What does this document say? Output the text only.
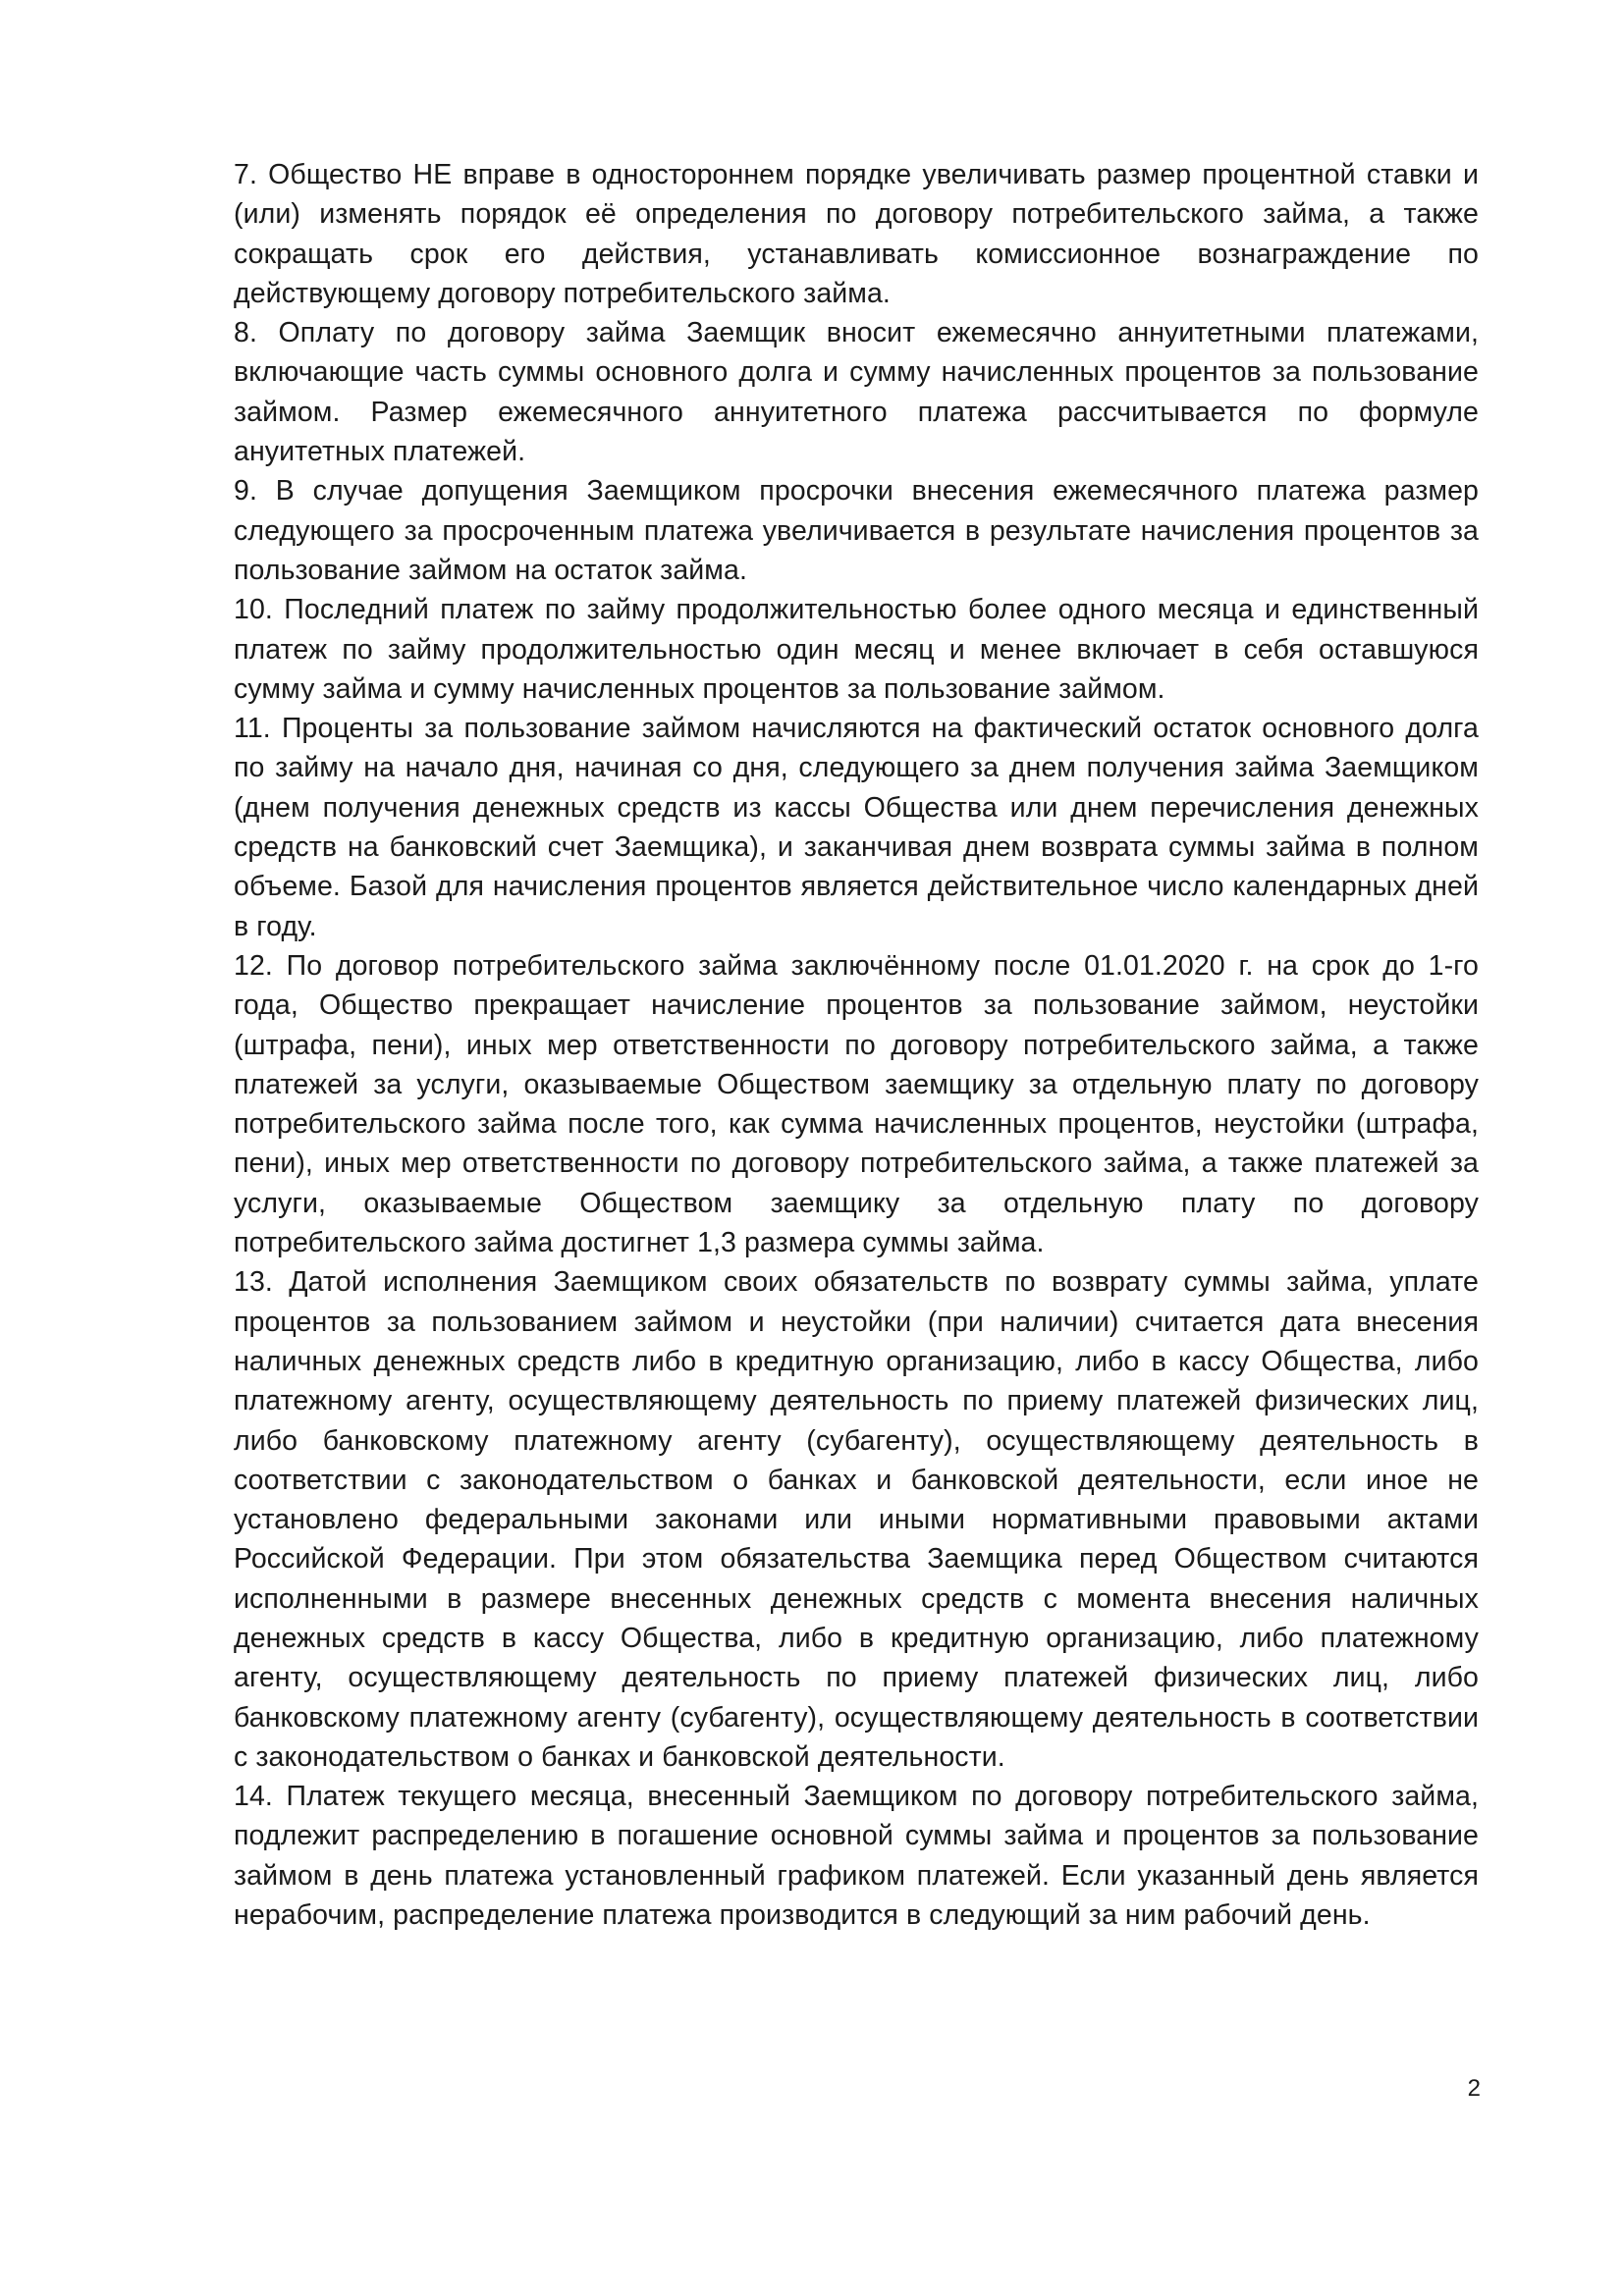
7. Общество НЕ вправе в одностороннем порядке увеличивать размер процентной ставки и (или) изменять порядок её определения по договору потребительского займа, а также сокращать срок его действия, устанавливать комиссионное вознаграждение по действующему договору потребительского займа.

8. Оплату по договору займа Заемщик вносит ежемесячно аннуитетными платежами, включающие часть суммы основного долга и сумму начисленных процентов за пользование займом. Размер ежемесячного аннуитетного платежа рассчитывается по формуле ануитетных платежей.

9. В случае допущения Заемщиком просрочки внесения ежемесячного платежа размер следующего за просроченным платежа увеличивается в результате начисления процентов за пользование займом на остаток займа.

10. Последний платеж по займу продолжительностью более одного месяца и единственный платеж по займу продолжительностью один месяц и менее включает в себя оставшуюся сумму займа и сумму начисленных процентов за пользование займом.

11. Проценты за пользование займом начисляются на фактический остаток основного долга по займу на начало дня, начиная со дня, следующего за днем получения займа Заемщиком (днем получения денежных средств из кассы Общества или днем перечисления денежных средств на банковский счет Заемщика), и заканчивая днем возврата суммы займа в полном объеме. Базой для начисления процентов является действительное число календарных дней в году.

12. По договор потребительского займа заключённому после 01.01.2020 г. на срок до 1-го года, Общество прекращает начисление процентов за пользование займом, неустойки (штрафа, пени), иных мер ответственности по договору потребительского займа, а также платежей за услуги, оказываемые Обществом заемщику за отдельную плату по договору потребительского займа после того, как сумма начисленных процентов, неустойки (штрафа, пени), иных мер ответственности по договору потребительского займа, а также платежей за услуги, оказываемые Обществом заемщику за отдельную плату по договору потребительского займа достигнет 1,3 размера суммы займа.

13. Датой исполнения Заемщиком своих обязательств по возврату суммы займа, уплате процентов за пользованием займом и неустойки (при наличии) считается дата внесения наличных денежных средств либо в кредитную организацию, либо в кассу Общества, либо платежному агенту, осуществляющему деятельность по приему платежей физических лиц, либо банковскому платежному агенту (субагенту), осуществляющему деятельность в соответствии с законодательством о банках и банковской деятельности, если иное не установлено федеральными законами или иными нормативными правовыми актами Российской Федерации. При этом обязательства Заемщика перед Обществом считаются исполненными в размере внесенных денежных средств с момента внесения наличных денежных средств в кассу Общества, либо в кредитную организацию, либо платежному агенту, осуществляющему деятельность по приему платежей физических лиц, либо банковскому платежному агенту (субагенту), осуществляющему деятельность в соответствии с законодательством о банках и банковской деятельности.

14. Платеж текущего месяца, внесенный Заемщиком по договору потребительского займа, подлежит распределению в погашение основной суммы займа и процентов за пользование займом в день платежа установленный графиком платежей. Если указанный день является нерабочим, распределение платежа производится в следующий за ним рабочий день.

2
